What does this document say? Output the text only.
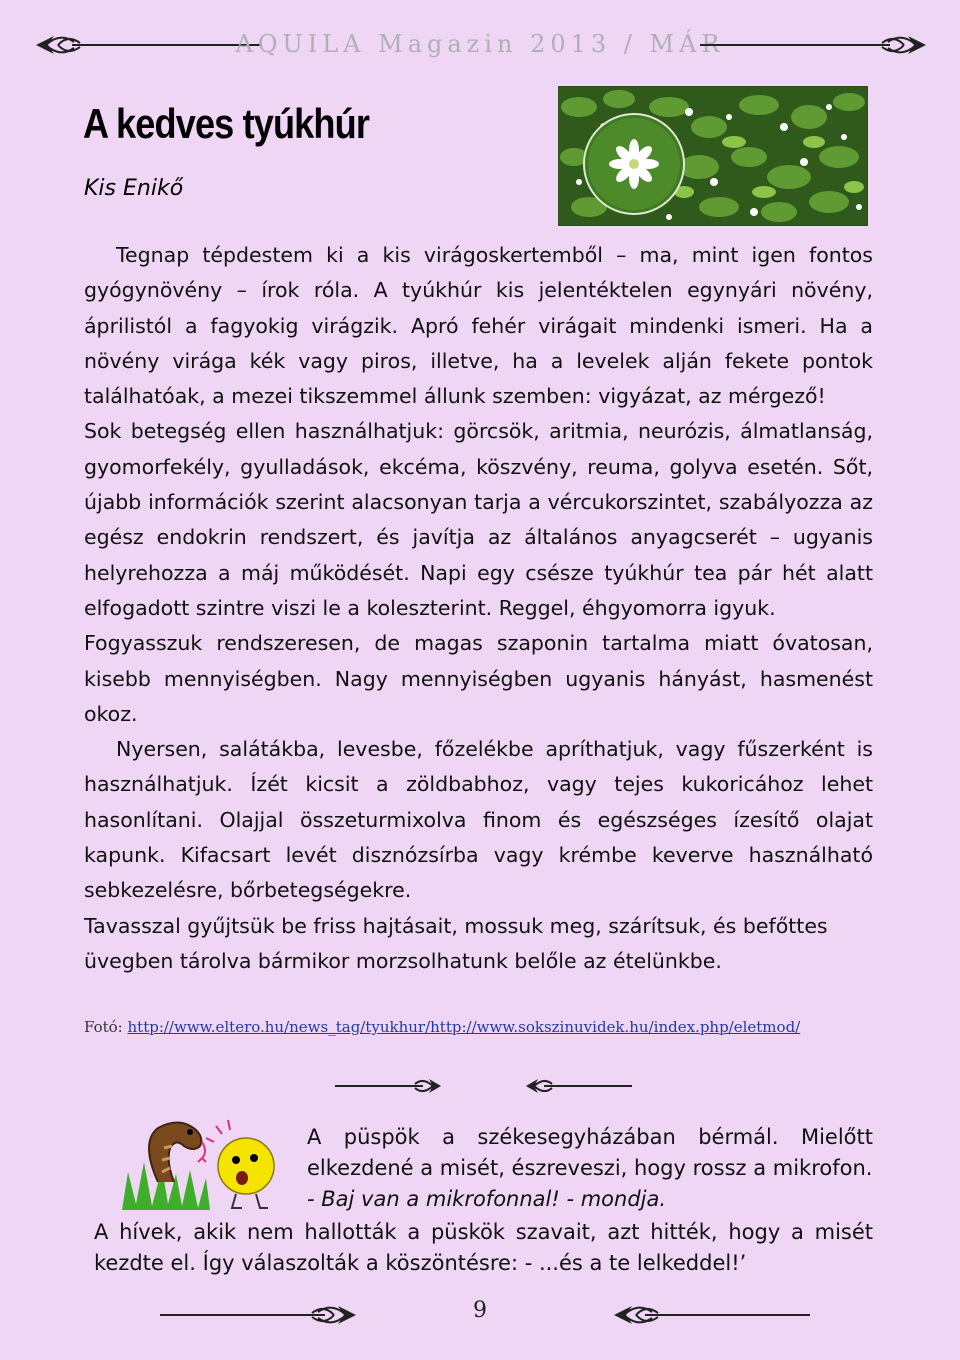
AQUILA Magazin 2013 / MÁR
A kedves tyúkhúr
Kis Enikő

Tegnap tépdestem ki a kis virágoskertemből – ma, mint igen fontos gyógynövény – írok róla. A tyúkhúr kis jelentéktelen egynyári növény, áprilistól a fagyokig virágzik. Apró fehér virágait mindenki ismeri. Ha a növény virága kék vagy piros, illetve, ha a levelek alján fekete pontok találhatóak, a mezei tikszemmel állunk szemben: vigyázat, az mérgező!

Sok betegség ellen használhatjuk: görcsök, aritmia, neurózis, álmatlanság, gyomorfekély, gyulladások, ekcéma, köszvény, reuma, golyva esetén. Sőt, újabb információk szerint alacsonyan tarja a vércukorszintet, szabályozza az egész endokrin rendszert, és javítja az általános anyagcserét – ugyanis helyrehozza a máj működését. Napi egy csésze tyúkhúr tea pár hét alatt elfogadott szintre viszi le a koleszterint. Reggel, éhgyomorra igyuk.

Fogyasszuk rendszeresen, de magas szaponin tartalma miatt óvatosan, kisebb mennyiségben. Nagy mennyiségben ugyanis hányást, hasmenést okoz.

Nyersen, salátákba, levesbe, főzelékbe apríthatjuk, vagy fűszerként is használhatjuk. Ízét kicsit a zöldbabhoz, vagy tejes kukoricához lehet hasonlítani. Olajjal összeturmixolva finom és egészséges ízesítő olajat kapunk. Kifacsart levét disznózsírba vagy krémbe keverve használható sebkezelésre, bőrbetegségekre.

Tavasszal gyűjtsük be friss hajtásait, mossuk meg, szárítsuk, és befőttes üvegben tárolva bármikor morzsolhatunk belőle az ételünkbe.

Fotó: http://www.eltero.hu/news_tag/tyukhur/http://www.sokszinuvidek.hu/index.php/eletmod/

A püspök a székesegyházában bérmál. Mielőtt elkezdené a misét, észreveszi, hogy rossz a mikrofon.

- Baj van a mikrofonnal! - mondja.

A hívek, akik nem hallották a püskök szavait, azt hitték, hogy a misét kezdte el. Így válaszolták a köszöntésre: - ...és a te lelkeddel!’

9
